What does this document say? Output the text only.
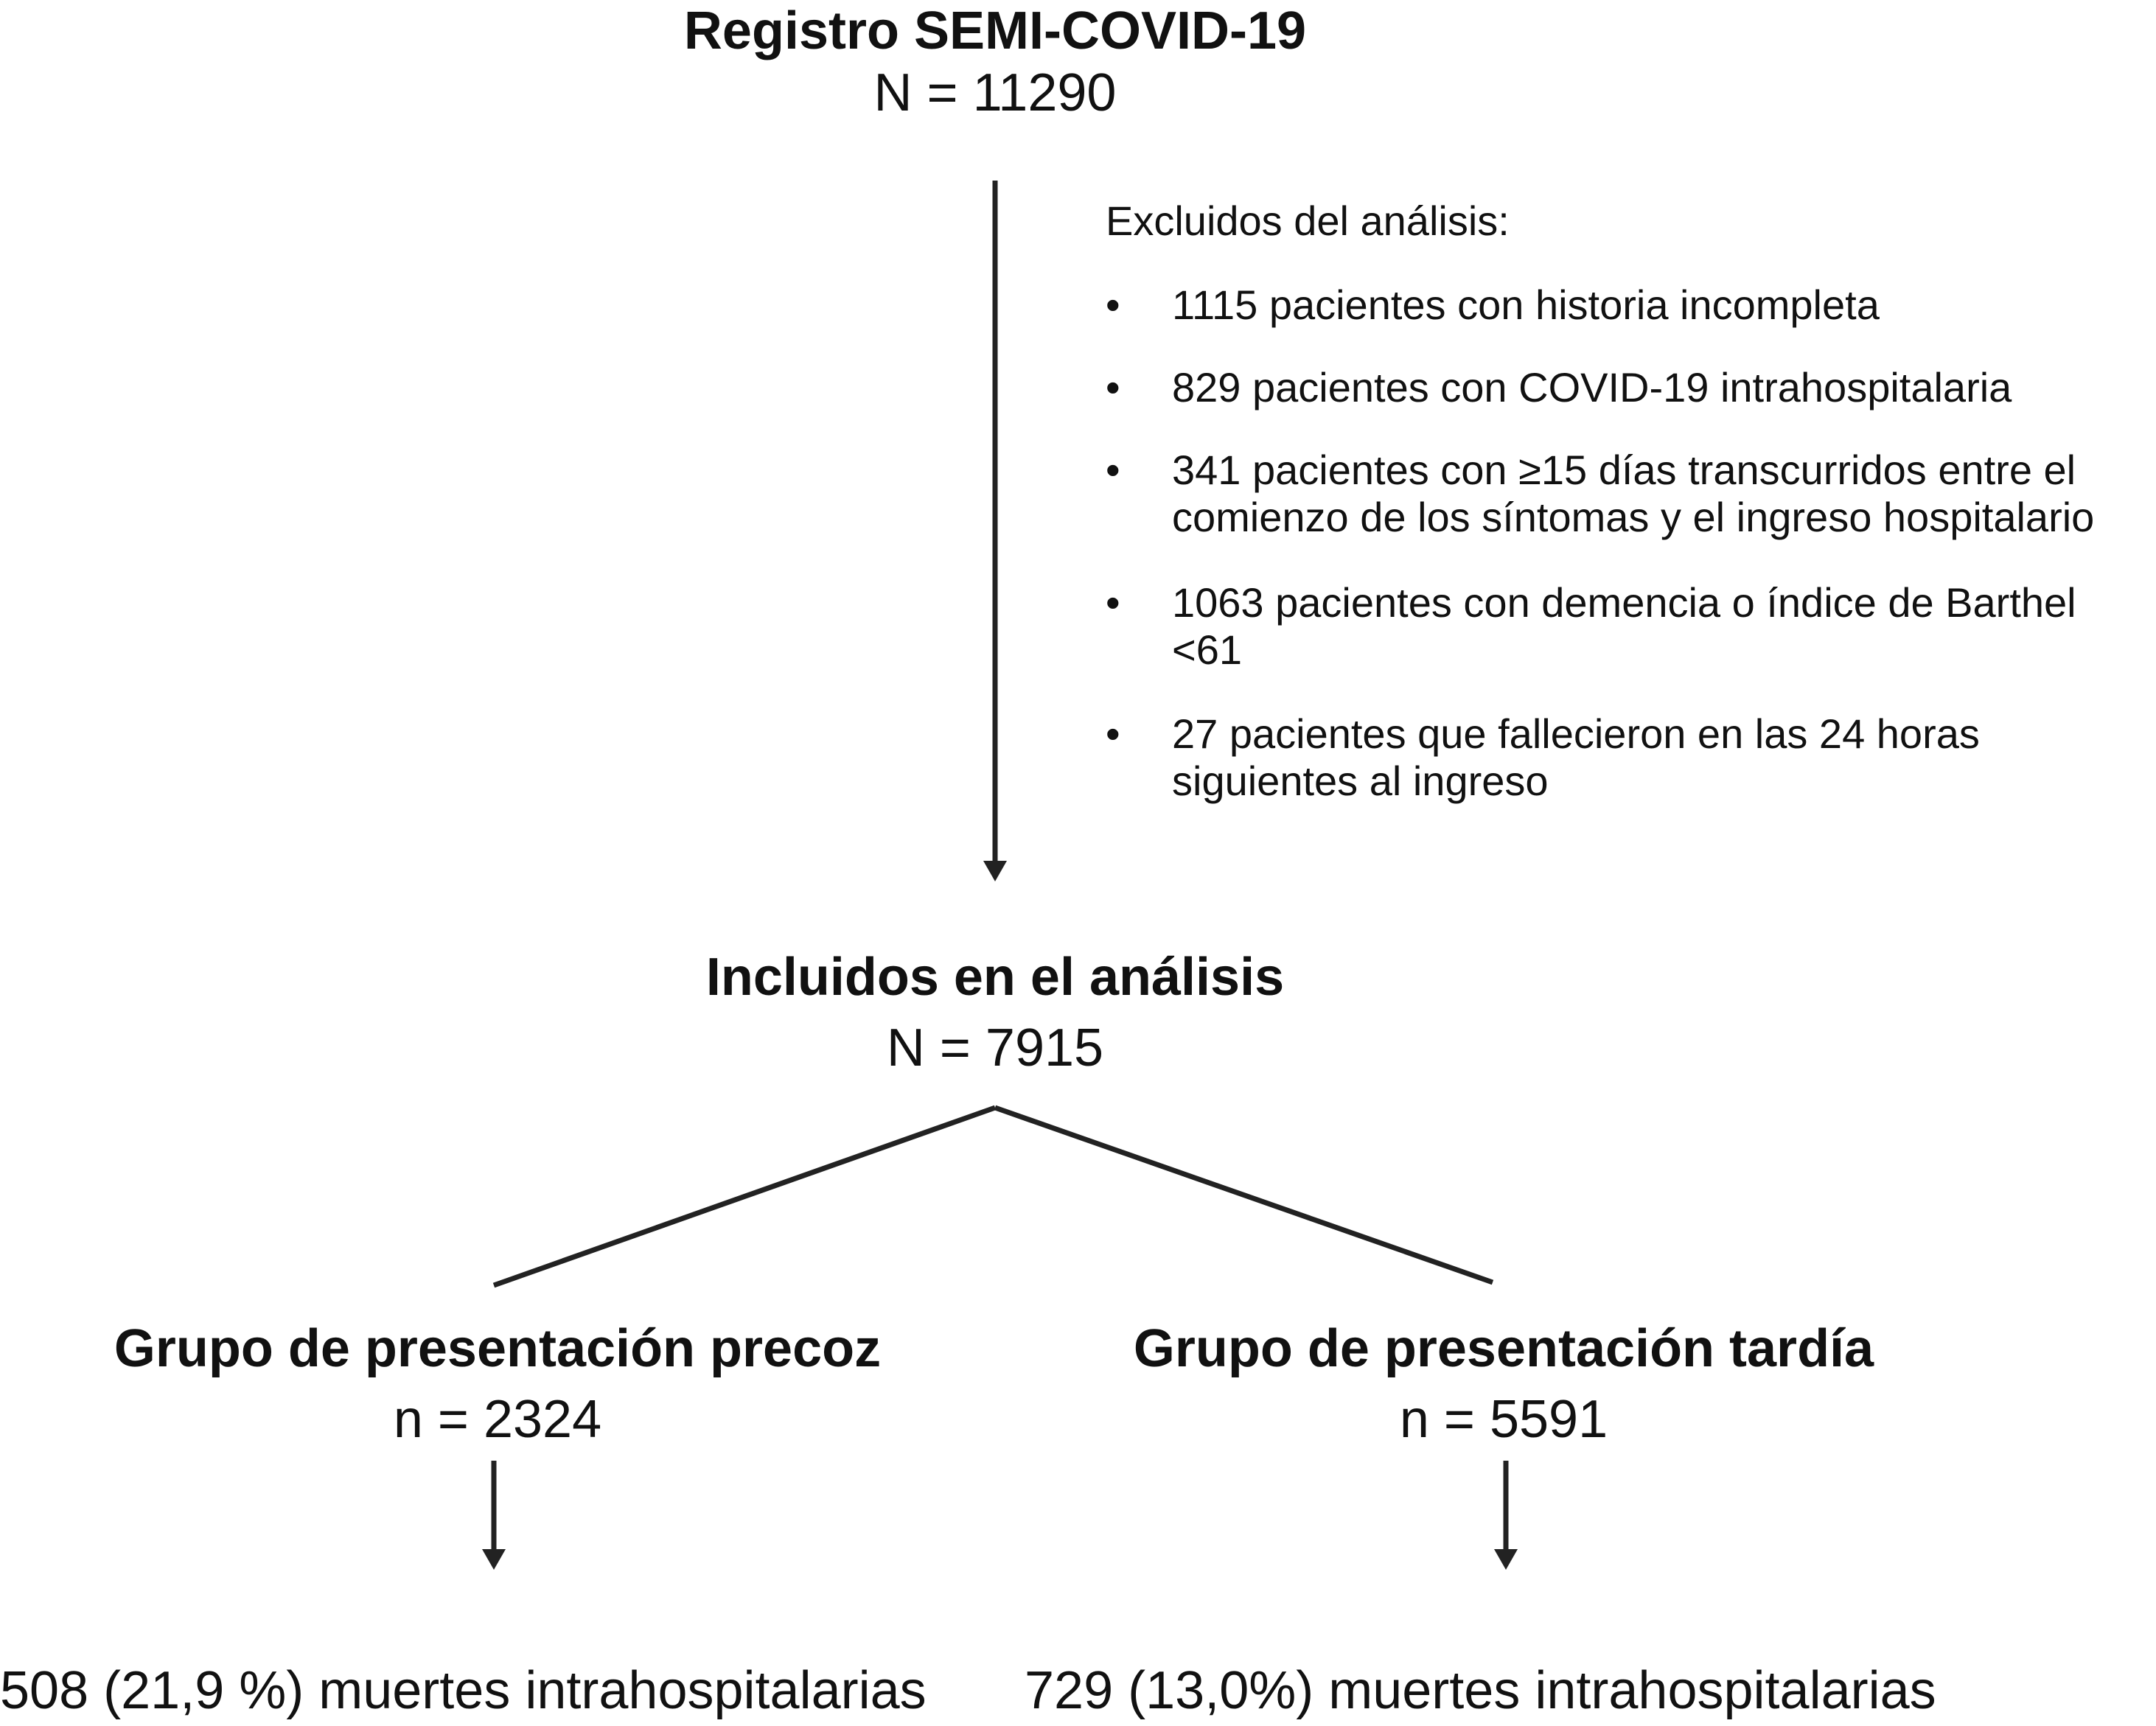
Registro SEMI-COVID-19
N = 11290
Excluidos del análisis:
•	1115 pacientes con historia incompleta
•	829 pacientes con COVID-19 intrahospitalaria
•	341 pacientes con ≥15 días transcurridos entre el comienzo de los síntomas y el ingreso hospitalario
•	1063 pacientes con demencia o índice de Barthel <61
•	27 pacientes que fallecieron en las 24 horas siguientes al ingreso
Incluidos en el análisis
N = 7915
Grupo de presentación precoz
n = 2324
Grupo de presentación tardía
n = 5591
508 (21,9 %) muertes intrahospitalarias 729 (13,0%) muertes intrahospitalarias
